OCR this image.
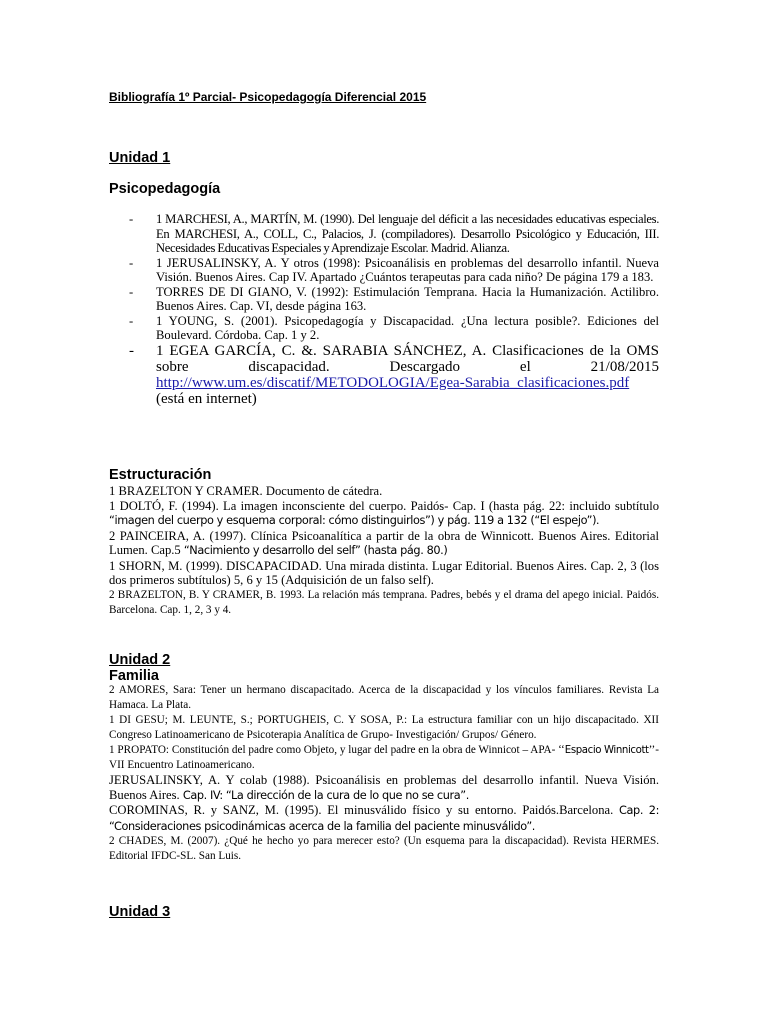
Bibliografía 1º Parcial- Psicopedagogía Diferencial 2015
Unidad 1
Psicopedagogía
- 1 MARCHESI, A., MARTÍN, M. (1990). Del lenguaje del déficit a las necesidades educativas especiales. En MARCHESI, A., COLL, C., Palacios, J. (compiladores). Desarrollo Psicológico y Educación, III. Necesidades Educativas Especiales y Aprendizaje Escolar. Madrid. Alianza.
- 1 JERUSALINSKY, A. Y otros (1998): Psicoanálisis en problemas del desarrollo infantil. Nueva Visión. Buenos Aires. Cap IV. Apartado ¿Cuántos terapeutas para cada niño? De página 179 a 183.
- TORRES DE DI GIANO, V. (1992): Estimulación Temprana. Hacia la Humanización. Actilibro. Buenos Aires. Cap. VI, desde página 163.
- 1 YOUNG, S. (2001). Psicopedagogía y Discapacidad. ¿Una lectura posible?. Ediciones del Boulevard. Córdoba. Cap. 1 y 2.
- 1 EGEA GARCÍA, C. &. SARABIA SÁNCHEZ, A. Clasificaciones de la OMS sobre discapacidad. Descargado el 21/08/2015 http://www.um.es/discatif/METODOLOGIA/Egea-Sarabia_clasificaciones.pdf (está en internet)
Estructuración

1 BRAZELTON Y CRAMER. Documento de cátedra.

1 DOLTÓ, F. (1994). La imagen inconsciente del cuerpo. Paidós- Cap. I (hasta pág. 22: incluido subtítulo “imagen del cuerpo y esquema corporal: cómo distinguirlos”) y pág. 119 a 132 (“El espejo”).

2 PAINCEIRA, A. (1997). Clínica Psicoanalítica a partir de la obra de Winnicott. Buenos Aires. Editorial Lumen. Cap.5 “Nacimiento y desarrollo del self” (hasta pág. 80.)

1 SHORN, M. (1999). DISCAPACIDAD. Una mirada distinta. Lugar Editorial. Buenos Aires. Cap. 2, 3 (los dos primeros subtítulos) 5, 6 y 15 (Adquisición de un falso self).

2 BRAZELTON, B. Y CRAMER, B. 1993. La relación más temprana. Padres, bebés y el drama del apego inicial. Paidós. Barcelona. Cap. 1, 2, 3 y 4.

Unidad 2
Familia

2 AMORES, Sara: Tener un hermano discapacitado. Acerca de la discapacidad y los vínculos familiares. Revista La Hamaca. La Plata.

1 DI GESU; M. LEUNTE, S.; PORTUGHEIS, C. Y SOSA, P.: La estructura familiar con un hijo discapacitado. XII Congreso Latinoamericano de Psicoterapia Analítica de Grupo- Investigación/ Grupos/ Género.

1 PROPATO: Constitución del padre como Objeto, y lugar del padre en la obra de Winnicot – APA- ‘‘Espacio Winnicott’’- VII Encuentro Latinoamericano.

JERUSALINSKY, A. Y colab (1988). Psicoanálisis en problemas del desarrollo infantil. Nueva Visión. Buenos Aires. Cap. IV: “La dirección de la cura de lo que no se cura”.

COROMINAS, R. y SANZ, M. (1995). El minusválido físico y su entorno. Paidós.Barcelona. Cap. 2: “Consideraciones psicodinámicas acerca de la familia del paciente minusválido”.

2 CHADES, M. (2007). ¿Qué he hecho yo para merecer esto? (Un esquema para la discapacidad). Revista HERMES. Editorial IFDC-SL. San Luis.

Unidad 3
